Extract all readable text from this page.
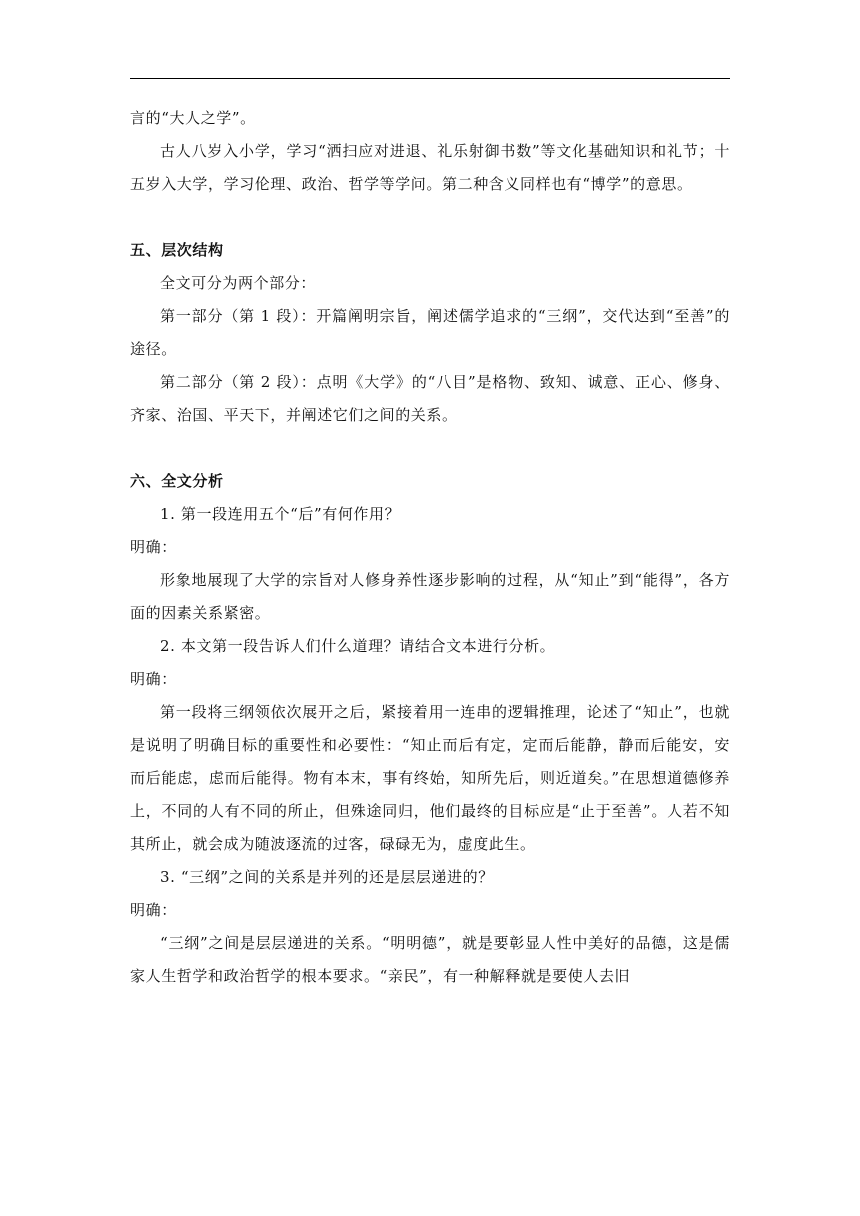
言的“大人之学”。

古人八岁入小学，学习“洒扫应对进退、礼乐射御书数”等文化基础知识和礼节；十五岁入大学，学习伦理、政治、哲学等学问。第二种含义同样也有“博学”的意思。

五、层次结构

全文可分为两个部分：

第一部分（第 1 段）：开篇阐明宗旨，阐述儒学追求的“三纲”，交代达到“至善”的途径。

第二部分（第 2 段）：点明《大学》的“八目”是格物、致知、诚意、正心、修身、齐家、治国、平天下，并阐述它们之间的关系。

六、全文分析

1. 第一段连用五个“后”有何作用？

明确：

形象地展现了大学的宗旨对人修身养性逐步影响的过程，从“知止”到“能得”，各方面的因素关系紧密。

2. 本文第一段告诉人们什么道理？请结合文本进行分析。

明确：

第一段将三纲领依次展开之后，紧接着用一连串的逻辑推理，论述了“知止”，也就是说明了明确目标的重要性和必要性：“知止而后有定，定而后能静，静而后能安，安而后能虑，虑而后能得。物有本末，事有终始，知所先后，则近道矣。”在思想道德修养上，不同的人有不同的所止，但殊途同归，他们最终的目标应是“止于至善”。人若不知其所止，就会成为随波逐流的过客，碌碌无为，虚度此生。

3. “三纲”之间的关系是并列的还是层层递进的？

明确：

“三纲”之间是层层递进的关系。“明明德”，就是要彰显人性中美好的品德，这是儒家人生哲学和政治哲学的根本要求。“亲民”，有一种解释就是要使人去旧
